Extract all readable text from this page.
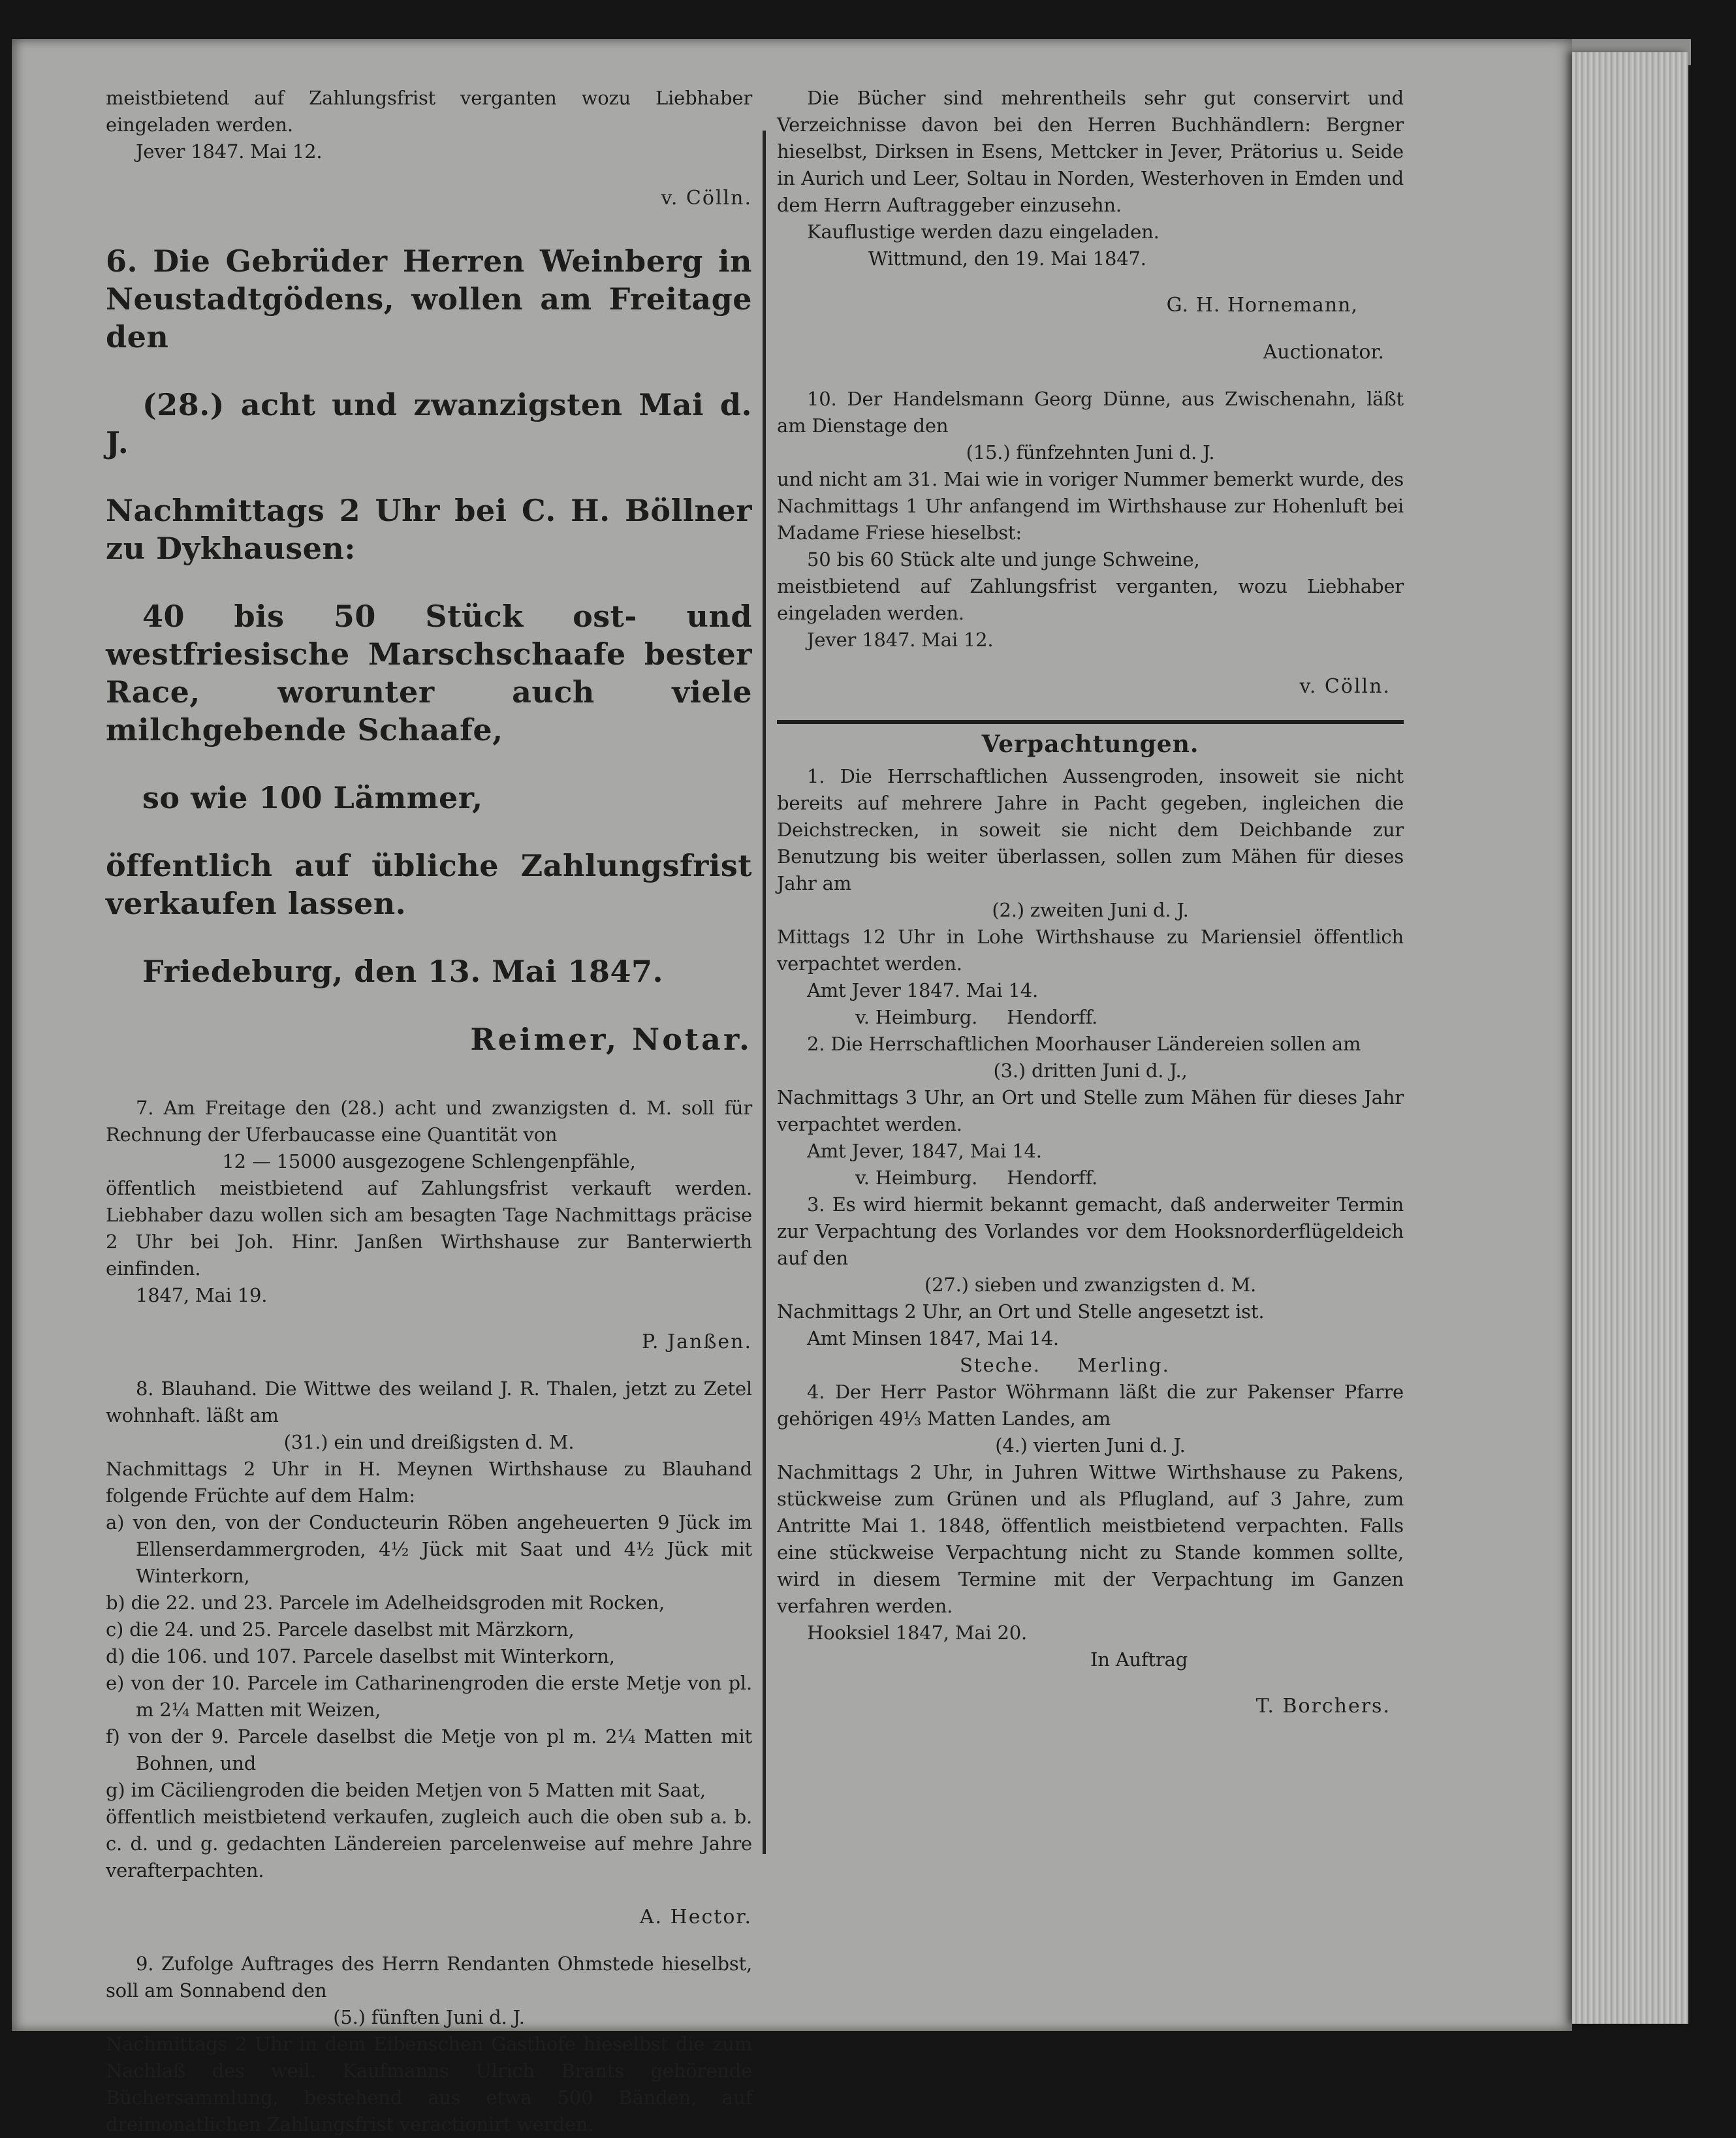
meistbietend auf Zahlungsfrist verganten wozu Liebhaber eingeladen werden.

Jever 1847. Mai 12.

v. Cölln.

6. Die Gebrüder Herren Weinberg in Neustadtgödens, wollen am Freitage den

(28.) acht und zwanzigsten Mai d. J.

Nachmittags 2 Uhr bei C. H. Böllner zu Dykhausen:

40 bis 50 Stück ost- und westfriesische Marschschaafe bester Race, worunter auch viele milchgebende Schaafe,

so wie 100 Lämmer,

öffentlich auf übliche Zahlungsfrist verkaufen lassen.

Friedeburg, den 13. Mai 1847.

Reimer, Notar.

7. Am Freitage den (28.) acht und zwanzigsten d. M. soll für Rechnung der Uferbaucasse eine Quantität von

12 — 15000 ausgezogene Schlengenpfähle,

öffentlich meistbietend auf Zahlungsfrist verkauft werden. Liebhaber dazu wollen sich am besagten Tage Nachmittags präcise 2 Uhr bei Joh. Hinr. Janßen Wirthshause zur Banterwierth einfinden.

1847, Mai 19.

P. Janßen.

8. Blauhand. Die Wittwe des weiland J. R. Thalen, jetzt zu Zetel wohnhaft. läßt am

(31.) ein und dreißigsten d. M.

Nachmittags 2 Uhr in H. Meynen Wirthshause zu Blauhand folgende Früchte auf dem Halm:

a) von den, von der Conducteurin Röben angeheuerten 9 Jück im Ellenserdammergroden, 4½ Jück mit Saat und 4½ Jück mit Winterkorn,
b) die 22. und 23. Parcele im Adelheidsgroden mit Rocken,
c) die 24. und 25. Parcele daselbst mit Märzkorn,
d) die 106. und 107. Parcele daselbst mit Winterkorn,
e) von der 10. Parcele im Catharinengroden die erste Metje von pl. m 2¼ Matten mit Weizen,
f) von der 9. Parcele daselbst die Metje von pl m. 2¼ Matten mit Bohnen, und
g) im Cäciliengroden die beiden Metjen von 5 Matten mit Saat,

öffentlich meistbietend verkaufen, zugleich auch die oben sub a. b. c. d. und g. gedachten Ländereien parcelenweise auf mehre Jahre verafterpachten.

A. Hector.

9. Zufolge Auftrages des Herrn Rendanten Ohmstede hieselbst, soll am Sonnabend den

(5.) fünften Juni d. J.

Nachmittags 2 Uhr in dem Eibenschen Gasthofe hieselbst die zum Nachlaß des weil. Kaufmanns Ulrich Brants gehörende Büchersammlung, bestehend aus etwa 500 Bänden, auf dreimonatlichen Zahlungsfrist veractionirt werden.

Die Bücher sind mehrentheils sehr gut conservirt und Verzeichnisse davon bei den Herren Buchhändlern: Bergner hieselbst, Dirksen in Esens, Mettcker in Jever, Prätorius u. Seide in Aurich und Leer, Soltau in Norden, Westerhoven in Emden und dem Herrn Auftraggeber einzusehn.

Kauflustige werden dazu eingeladen.

Wittmund, den 19. Mai 1847.

G. H. Hornemann,

Auctionator.

10. Der Handelsmann Georg Dünne, aus Zwischenahn, läßt am Dienstage den

(15.) fünfzehnten Juni d. J.

und nicht am 31. Mai wie in voriger Nummer bemerkt wurde, des Nachmittags 1 Uhr anfangend im Wirthshause zur Hohenluft bei Madame Friese hieselbst:

50 bis 60 Stück alte und junge Schweine,

meistbietend auf Zahlungsfrist verganten, wozu Liebhaber eingeladen werden.

Jever 1847. Mai 12.

v. Cölln.

Verpachtungen.

1. Die Herrschaftlichen Aussengroden, insoweit sie nicht bereits auf mehrere Jahre in Pacht gegeben, ingleichen die Deichstrecken, in soweit sie nicht dem Deichbande zur Benutzung bis weiter überlassen, sollen zum Mähen für dieses Jahr am

(2.) zweiten Juni d. J.

Mittags 12 Uhr in Lohe Wirthshause zu Mariensiel öffentlich verpachtet werden.

Amt Jever 1847. Mai 14.

v. Heimburg.     Hendorff.

2. Die Herrschaftlichen Moorhauser Ländereien sollen am

(3.) dritten Juni d. J.,

Nachmittags 3 Uhr, an Ort und Stelle zum Mähen für dieses Jahr verpachtet werden.

Amt Jever, 1847, Mai 14.

v. Heimburg.     Hendorff.

3. Es wird hiermit bekannt gemacht, daß anderweiter Termin zur Verpachtung des Vorlandes vor dem Hooksnorderflügeldeich auf den

(27.) sieben und zwanzigsten d. M.

Nachmittags 2 Uhr, an Ort und Stelle angesetzt ist.

Amt Minsen 1847, Mai 14.

Steche.     Merling.

4. Der Herr Pastor Wöhrmann läßt die zur Pakenser Pfarre gehörigen 49⅓ Matten Landes, am

(4.) vierten Juni d. J.

Nachmittags 2 Uhr, in Juhren Wittwe Wirthshause zu Pakens, stückweise zum Grünen und als Pflugland, auf 3 Jahre, zum Antritte Mai 1. 1848, öffentlich meistbietend verpachten. Falls eine stückweise Verpachtung nicht zu Stande kommen sollte, wird in diesem Termine mit der Verpachtung im Ganzen verfahren werden.

Hooksiel 1847, Mai 20.

In Auftrag

T. Borchers.
